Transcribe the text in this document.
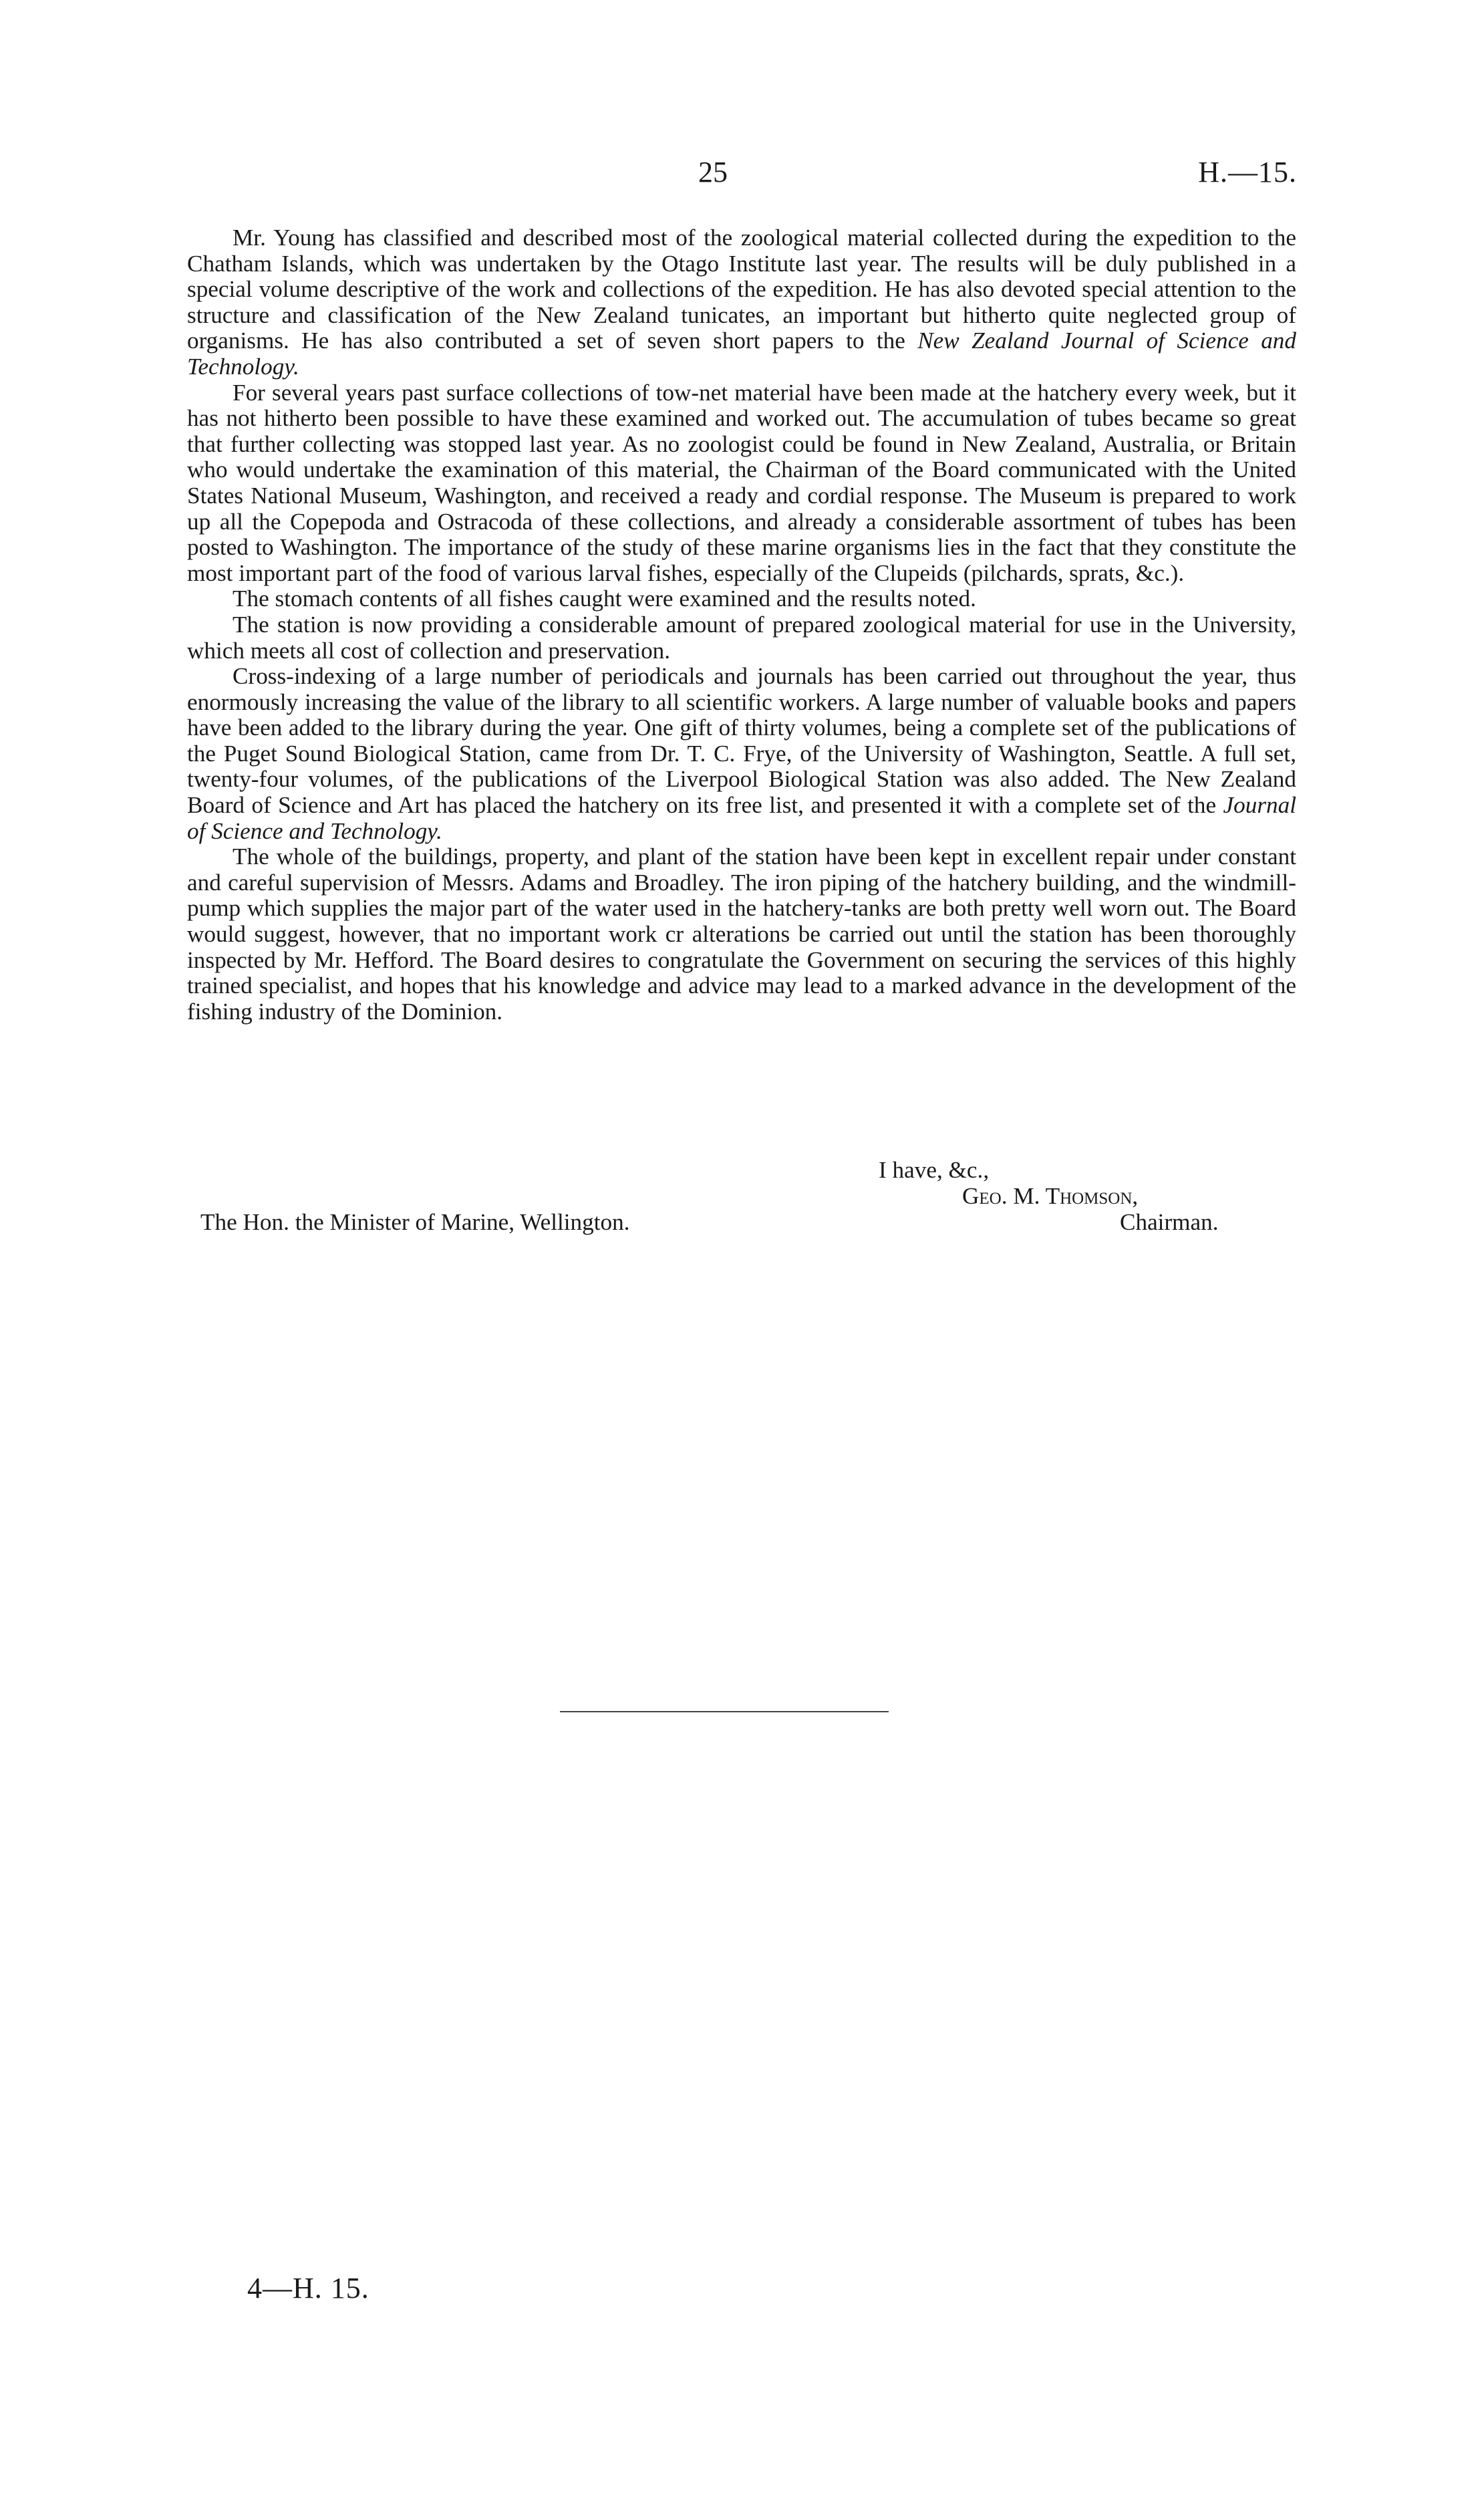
25	H.—15.

Mr. Young has classified and described most of the zoological material collected during the expedition to the Chatham Islands, which was undertaken by the Otago Institute last year. The results will be duly published in a special volume descriptive of the work and collections of the expedition. He has also devoted special attention to the structure and classification of the New Zealand tunicates, an important but hitherto quite neglected group of organisms. He has also contributed a set of seven short papers to the New Zealand Journal of Science and Technology.

For several years past surface collections of tow-net material have been made at the hatchery every week, but it has not hitherto been possible to have these examined and worked out. The accumulation of tubes became so great that further collecting was stopped last year. As no zoologist could be found in New Zealand, Australia, or Britain who would undertake the examination of this material, the Chairman of the Board communicated with the United States National Museum, Washington, and received a ready and cordial response. The Museum is prepared to work up all the Copepoda and Ostracoda of these collections, and already a considerable assortment of tubes has been posted to Washington. The importance of the study of these marine organisms lies in the fact that they constitute the most important part of the food of various larval fishes, especially of the Clupeids (pilchards, sprats, &c.).

The stomach contents of all fishes caught were examined and the results noted.

The station is now providing a considerable amount of prepared zoological material for use in the University, which meets all cost of collection and preservation.

Cross-indexing of a large number of periodicals and journals has been carried out throughout the year, thus enormously increasing the value of the library to all scientific workers. A large number of valuable books and papers have been added to the library during the year. One gift of thirty volumes, being a complete set of the publications of the Puget Sound Biological Station, came from Dr. T. C. Frye, of the University of Washington, Seattle. A full set, twenty-four volumes, of the publications of the Liverpool Biological Station was also added. The New Zealand Board of Science and Art has placed the hatchery on its free list, and presented it with a complete set of the Journal of Science and Technology.

The whole of the buildings, property, and plant of the station have been kept in excellent repair under constant and careful supervision of Messrs. Adams and Broadley. The iron piping of the hatchery building, and the windmill-pump which supplies the major part of the water used in the hatchery-tanks are both pretty well worn out. The Board would suggest, however, that no important work cr alterations be carried out until the station has been thoroughly inspected by Mr. Hefford. The Board desires to congratulate the Government on securing the services of this highly trained specialist, and hopes that his knowledge and advice may lead to a marked advance in the development of the fishing industry of the Dominion.

I have, &c.,
Geo. M. Thomson,
The Hon. the Minister of Marine, Wellington.	Chairman.
4—H. 15.
